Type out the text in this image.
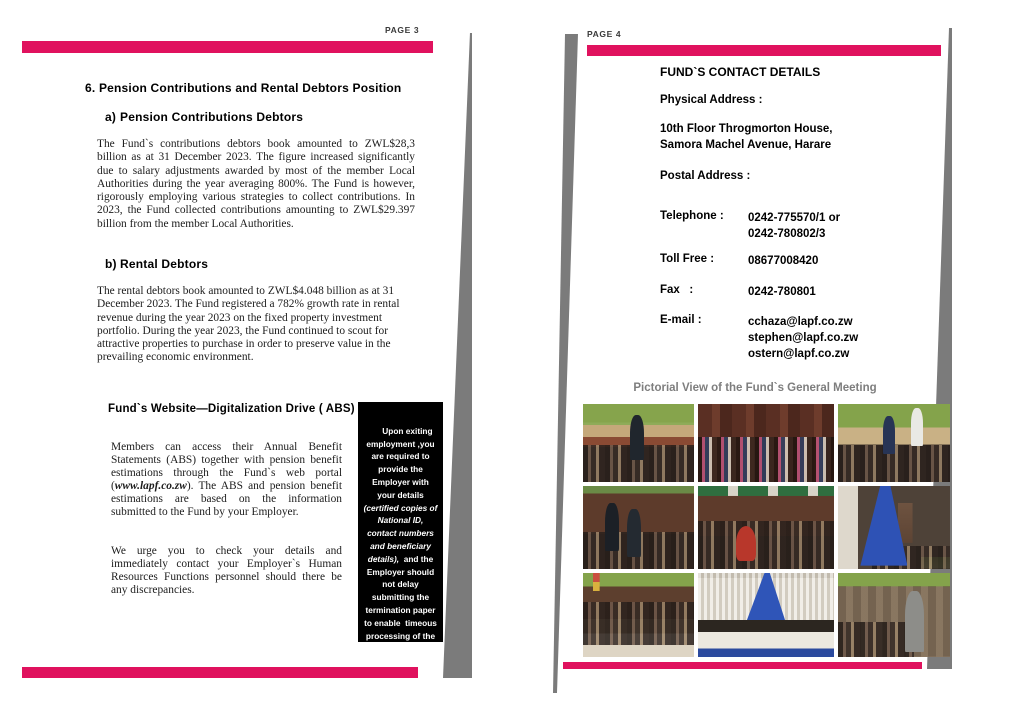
PAGE 3
6. Pension Contributions and Rental Debtors Position
a) Pension Contributions Debtors
The Fund`s contributions debtors book amounted to ZWL$28,3 billion as at 31 December 2023. The figure increased significantly due to salary adjustments awarded by most of the member Local Authorities during the year averaging 800%. The Fund is however, rigorously employing various strategies to collect contributions. In 2023, the Fund collected contributions amounting to ZWL$29.397 billion from the member Local Authorities.
b) Rental Debtors
The rental debtors book amounted to ZWL$4.048 billion as at 31 December 2023. The Fund registered a 782% growth rate in rental revenue during the year 2023 on the fixed property investment portfolio. During the year 2023, the Fund continued to scout for attractive properties to purchase in order to preserve value in the prevailing economic environment.
Fund`s Website—Digitalization Drive ( ABS)
Members can access their Annual Benefit Statements (ABS) together with pension benefit estimations through the Fund`s web portal (www.lapf.co.zw). The ABS and pension benefit estimations are based on the information submitted to the Fund by your Employer.
We urge you to check your details and immediately contact your Employer`s Human Resources Functions personnel should there be any discrepancies.

Upon exiting employment ,you are required to provide the Employer with your details (certified copies of National ID, contact numbers and beneficiary details),  and the Employer should not delay submitting the termination paper to enable  timeous processing of the benefits payable.

PAGE 4
FUND`S CONTACT DETAILS
Physical Address :
10th Floor Throgmorton House,
Samora Machel Avenue, Harare
Postal Address :
Telephone : 0242-775570/1 or
0242-780802/3
Toll Free :	08677008420
Fax   :	0242-780801
E-mail :	cchaza@lapf.co.zw
stephen@lapf.co.zw
ostern@lapf.co.zw
Pictorial View of the Fund`s General Meeting
